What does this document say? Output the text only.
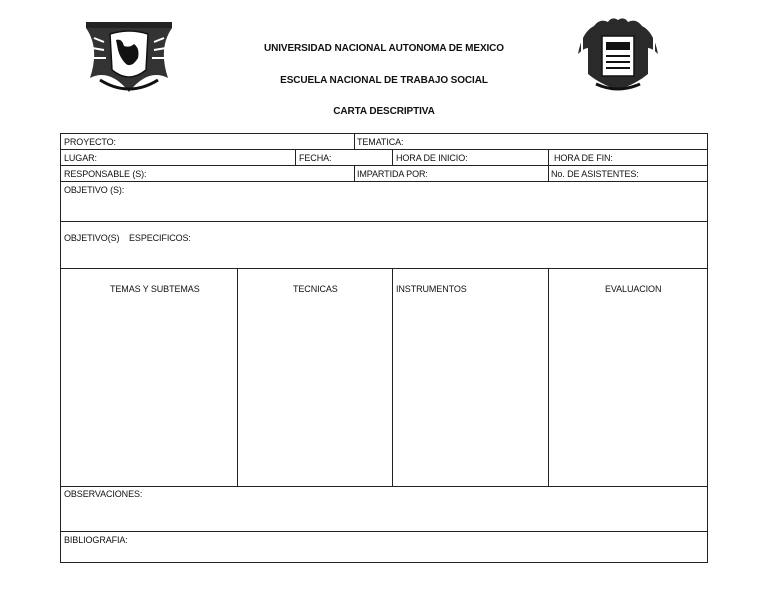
UNIVERSIDAD NACIONAL AUTONOMA DE MEXICO
ESCUELA NACIONAL DE TRABAJO SOCIAL
CARTA DESCRIPTIVA
PROYECTO:	TEMATICA:
LUGAR:	FECHA:	HORA DE INICIO:	HORA DE FIN:
RESPONSABLE (S):	IMPARTIDA POR:	No. DE ASISTENTES:
OBJETIVO (S):
OBJETIVO(S)    ESPECIFICOS:
TEMAS Y SUBTEMAS	TECNICAS	INSTRUMENTOS	EVALUACION
OBSERVACIONES:
BIBLIOGRAFIA:
